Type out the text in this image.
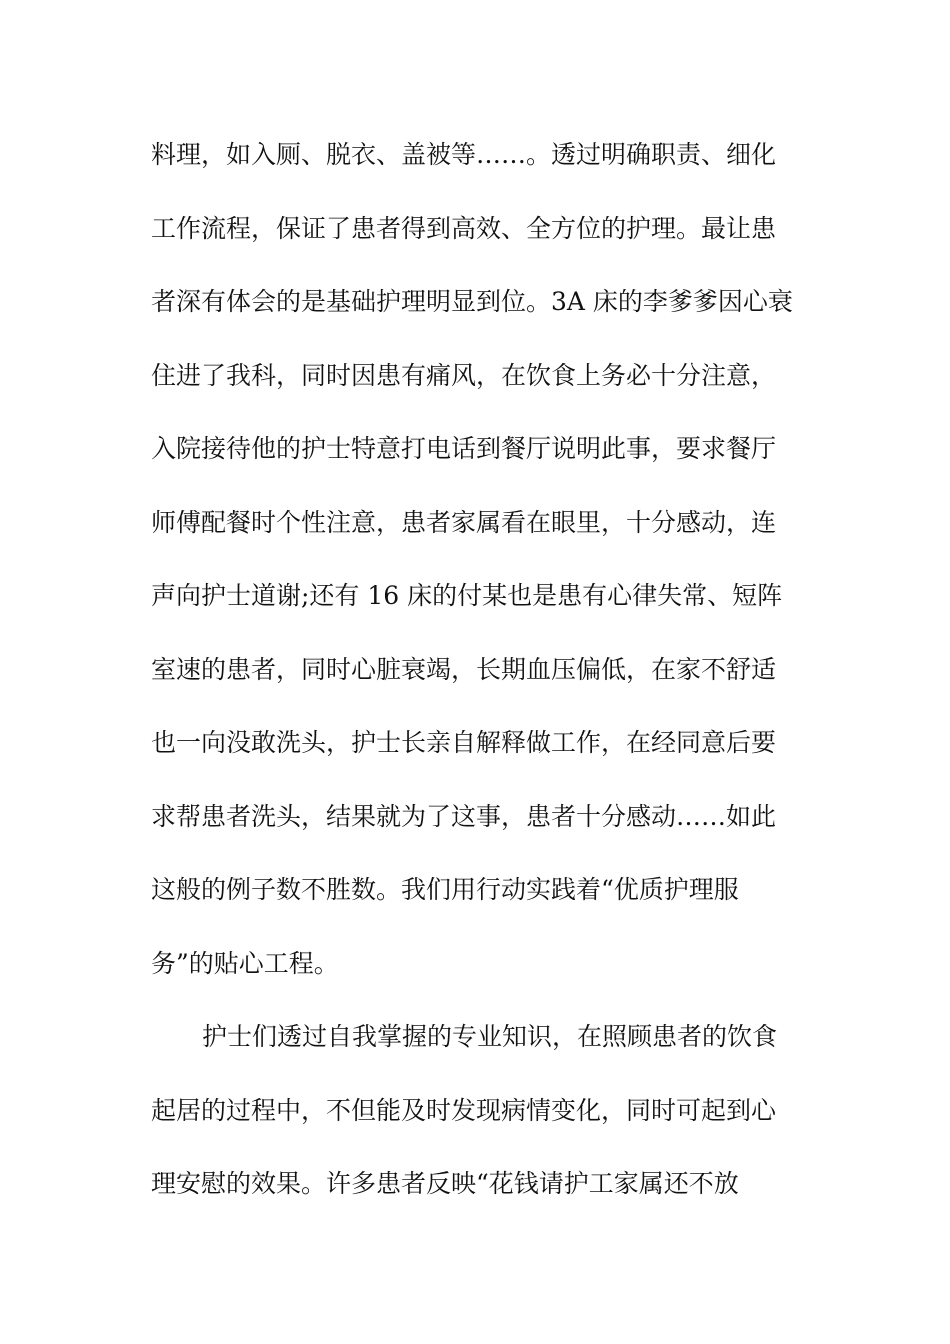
料理，如入厕、脱衣、盖被等……。透过明确职责、细化
工作流程，保证了患者得到高效、全方位的护理。最让患
者深有体会的是基础护理明显到位。3A 床的李爹爹因心衰
住进了我科，同时因患有痛风，在饮食上务必十分注意，
入院接待他的护士特意打电话到餐厅说明此事，要求餐厅
师傅配餐时个性注意，患者家属看在眼里，十分感动，连
声向护士道谢;还有 16 床的付某也是患有心律失常、短阵
室速的患者，同时心脏衰竭，长期血压偏低，在家不舒适
也一向没敢洗头，护士长亲自解释做工作，在经同意后要
求帮患者洗头，结果就为了这事，患者十分感动……如此
这般的例子数不胜数。我们用行动实践着“优质护理服
务”的贴心工程。
护士们透过自我掌握的专业知识，在照顾患者的饮食
起居的过程中，不但能及时发现病情变化，同时可起到心
理安慰的效果。许多患者反映“花钱请护工家属还不放
